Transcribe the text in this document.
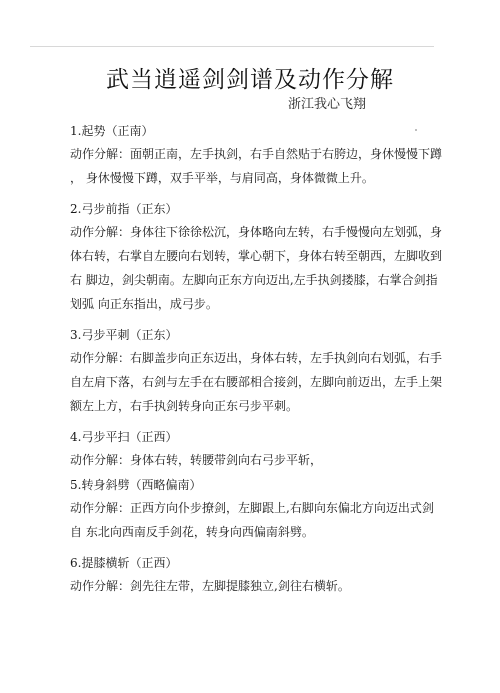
武当逍遥剑剑谱及动作分解
浙江我心飞翔
1.起势（正南）
动作分解：面朝正南，左手执剑，右手自然贴于右胯边，身休慢慢下蹲
， 身休慢慢下蹲，双手平举，与肩同高，身体微微上升。
2.弓步前指（正东）
动作分解：身体往下徐徐松沉，身体略向左转，右手慢慢向左划弧，身
体右转，右掌自左腰向右划转，掌心朝下，身体右转至朝西，左脚收到
右 脚边，剑尖朝南。左脚向正东方向迈出,左手执剑搂膝，右掌合剑指
划弧 向正东指出，成弓步。
3.弓步平刺（正东）
动作分解：右脚盖步向正东迈出，身体右转，左手执剑向右划弧，右手
自左肩下落，右剑与左手在右腰部相合接剑，左脚向前迈出，左手上架
额左上方，右手执剑转身向正东弓步平刺。
4.弓步平扫（正西）
动作分解：身体右转，转腰带剑向右弓步平斩，
5.转身斜劈（西略偏南）
动作分解：正西方向仆步撩剑，左脚跟上,右脚向东偏北方向迈出式剑
自 东北向西南反手剑花，转身向西偏南斜劈。
6.提膝横斩（正西）
动作分解：剑先往左带，左脚提膝独立,剑往右横斩。
